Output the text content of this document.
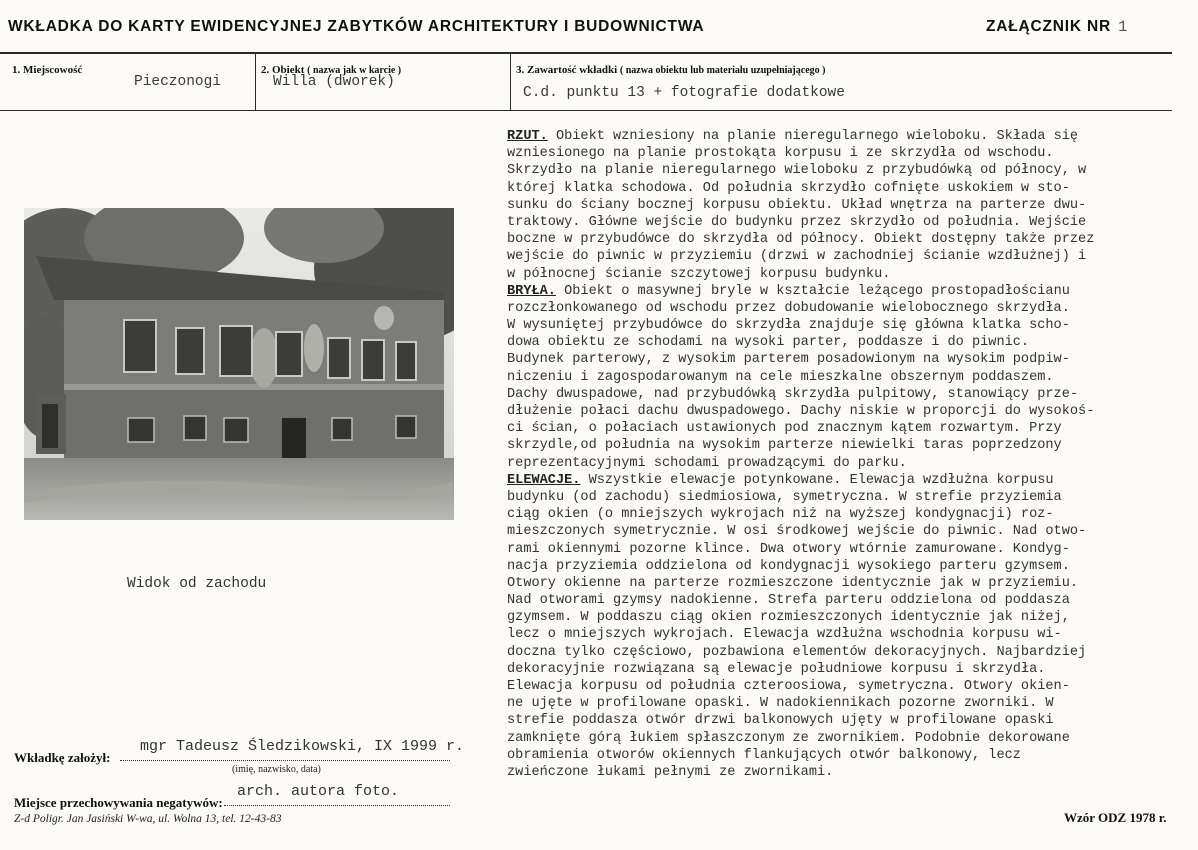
WKŁADKA DO KARTY EWIDENCYJNEJ ZABYTKÓW ARCHITEKTURY I BUDOWNICTWA	ZAŁĄCZNIK NR 1
1. Miejscowość
Pieczonogi
2. Obiekt ( nazwa jak w karcie )
Willa (dworek)
3. Zawartość wkładki ( nazwa obiektu lub materiału uzupełniającego )
C.d. punktu 13 + fotografie dodatkowe
Widok od zachodu
RZUT. Obiekt wzniesiony na planie nieregularnego wieloboku. Składa się
wzniesionego na planie prostokąta korpusu i ze skrzydła od wschodu.
Skrzydło na planie nieregularnego wieloboku z przybudówką od północy, w
której klatka schodowa. Od południa skrzydło cofnięte uskokiem w sto-
sunku do ściany bocznej korpusu obiektu. Układ wnętrza na parterze dwu-
traktowy. Główne wejście do budynku przez skrzydło od południa. Wejście
boczne w przybudówce do skrzydła od północy. Obiekt dostępny także przez
wejście do piwnic w przyziemiu (drzwi w zachodniej ścianie wzdłużnej) i
w północnej ścianie szczytowej korpusu budynku.
BRYŁA. Obiekt o masywnej bryle w kształcie leżącego prostopadłościanu
rozczłonkowanego od wschodu przez dobudowanie wielobocznego skrzydła.
W wysuniętej przybudówce do skrzydła znajduje się główna klatka scho-
dowa obiektu ze schodami na wysoki parter, poddasze i do piwnic.
Budynek parterowy, z wysokim parterem posadowionym na wysokim podpiw-
niczeniu i zagospodarowanym na cele mieszkalne obszernym poddaszem.
Dachy dwuspadowe, nad przybudówką skrzydła pulpitowy, stanowiący prze-
dłużenie połaci dachu dwuspadowego. Dachy niskie w proporcji do wysokoś-
ci ścian, o połaciach ustawionych pod znacznym kątem rozwartym. Przy
skrzydle,od południa na wysokim parterze niewielki taras poprzedzony
reprezentacyjnymi schodami prowadzącymi do parku.
ELEWACJE. Wszystkie elewacje potynkowane. Elewacja wzdłużna korpusu
budynku (od zachodu) siedmiosiowa, symetryczna. W strefie przyziemia
ciąg okien (o mniejszych wykrojach niż na wyższej kondygnacji) roz-
mieszczonych symetrycznie. W osi środkowej wejście do piwnic. Nad otwo-
rami okiennymi pozorne klince. Dwa otwory wtórnie zamurowane. Kondyg-
nacja przyziemia oddzielona od kondygnacji wysokiego parteru gzymsem.
Otwory okienne na parterze rozmieszczone identycznie jak w przyziemiu.
Nad otworami gzymsy nadokienne. Strefa parteru oddzielona od poddasza
gzymsem. W poddaszu ciąg okien rozmieszczonych identycznie jak niżej,
lecz o mniejszych wykrojach. Elewacja wzdłużna wschodnia korpusu wi-
doczna tylko częściowo, pozbawiona elementów dekoracyjnych. Najbardziej
dekoracyjnie rozwiązana są elewacje południowe korpusu i skrzydła.
Elewacja korpusu od południa czteroosiowa, symetryczna. Otwory okien-
ne ujęte w profilowane opaski. W nadokiennikach pozorne zworniki. W
strefie poddasza otwór drzwi balkonowych ujęty w profilowane opaski
zamknięte górą łukiem spłaszczonym ze zwornikiem. Podobnie dekorowane
obramienia otworów okiennych flankujących otwór balkonowy, lecz
zwieńczone łukami pełnymi ze zwornikami.
Wkładkę założył:
mgr Tadeusz Śledzikowski, IX 1999 r.
(imię, nazwisko, data)
Miejsce przechowywania negatywów:
arch. autora foto.
Z-d Poligr. Jan Jasiński W-wa, ul. Wolna 13, tel. 12-43-83	Wzór ODZ 1978 r.
